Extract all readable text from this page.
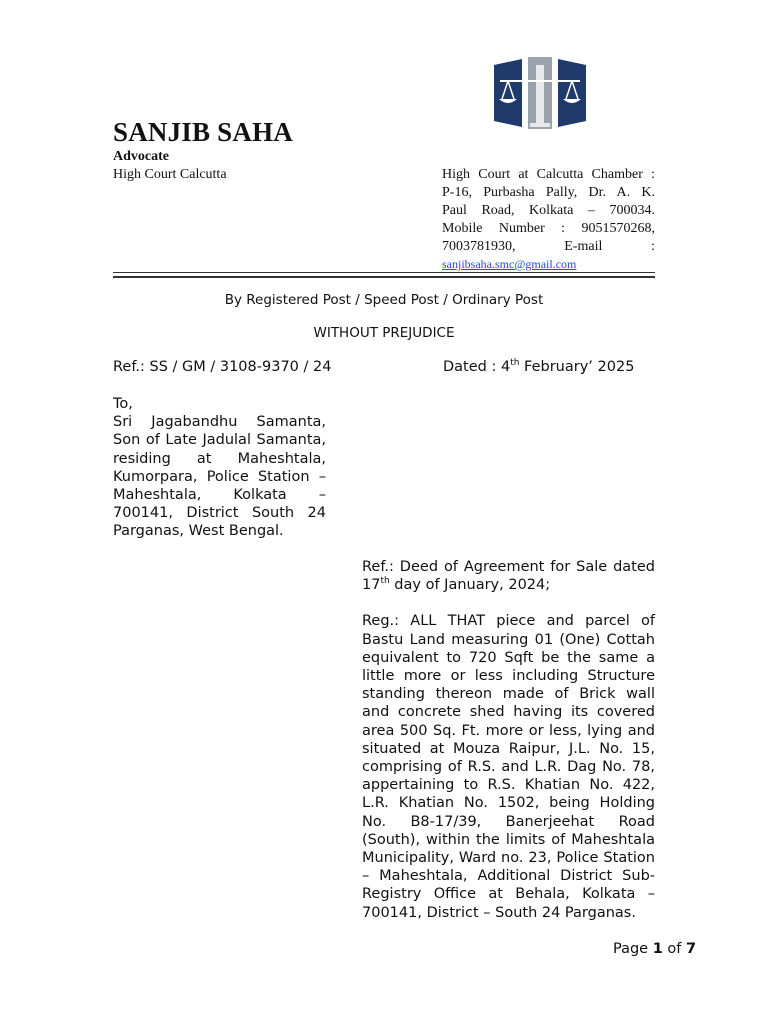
SANJIB SAHA
Advocate
High Court Calcutta	High Court at Calcutta Chamber :
P-16, Purbasha Pally, Dr. A. K.
Paul Road, Kolkata – 700034.
Mobile Number : 9051570268,
7003781930, E-mail :
sanjibsaha.smc@gmail.com
By Registered Post / Speed Post / Ordinary Post
WITHOUT PREJUDICE
Ref.: SS / GM / 3108-9370 / 24	Dated : 4th February’ 2025
To,
Sri Jagabandhu Samanta, Son of Late Jadulal Samanta, residing at Maheshtala, Kumorpara, Police Station – Maheshtala, Kolkata – 700141, District South 24 Parganas, West Bengal.

Ref.: Deed of Agreement for Sale dated 17th day of January, 2024;

Reg.: ALL THAT piece and parcel of Bastu Land measuring 01 (One) Cottah equivalent to 720 Sqft be the same a little more or less including Structure standing thereon made of Brick wall and concrete shed having its covered area 500 Sq. Ft. more or less, lying and situated at Mouza Raipur, J.L. No. 15, comprising of R.S. and L.R. Dag No. 78, appertaining to R.S. Khatian No. 422, L.R. Khatian No. 1502, being Holding No. B8-17/39, Banerjeehat Road (South), within the limits of Maheshtala Municipality, Ward no. 23, Police Station – Maheshtala, Additional District Sub-Registry Office at Behala, Kolkata – 700141, District – South 24 Parganas.

Page 1 of 7
